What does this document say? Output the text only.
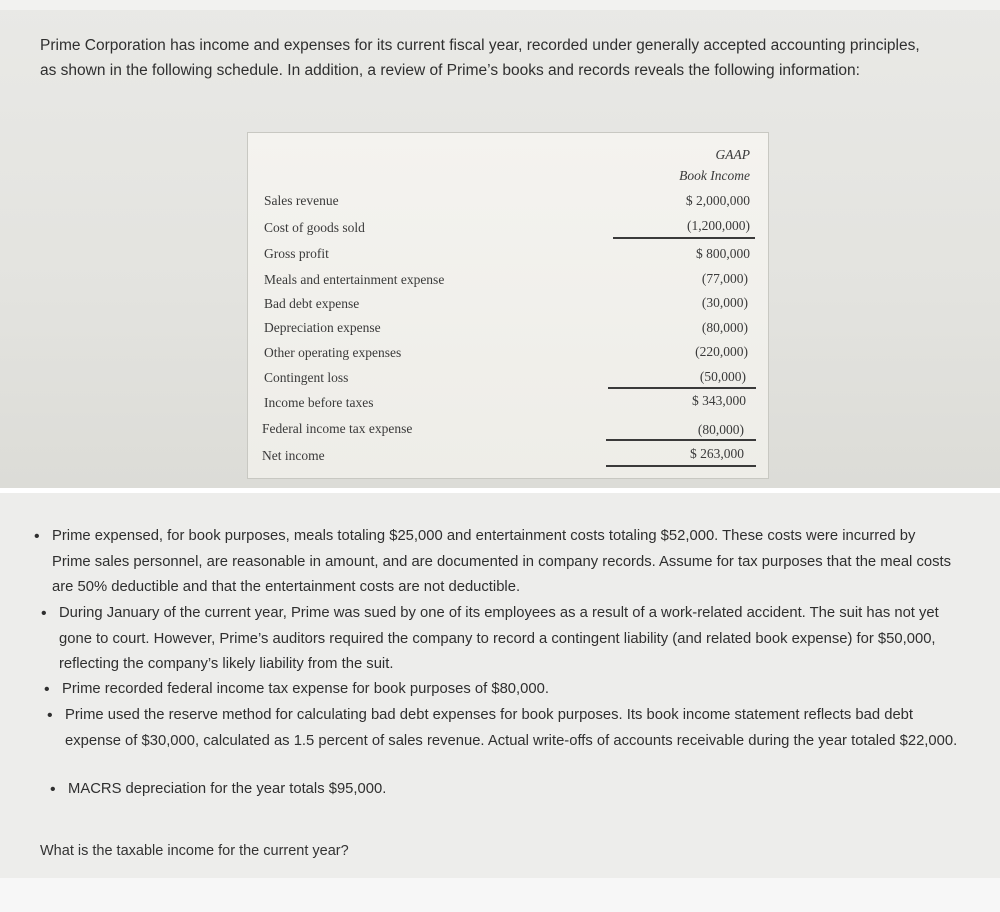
Prime Corporation has income and expenses for its current fiscal year, recorded under generally accepted accounting principles, as shown in the following schedule. In addition, a review of Prime’s books and records reveals the following information:

GAAP
Book Income
Sales revenue	$ 2,000,000
Cost of goods sold	(1,200,000)
Gross profit	$ 800,000
Meals and entertainment expense	(77,000)
Bad debt expense	(30,000)
Depreciation expense	(80,000)
Other operating expenses	(220,000)
Contingent loss	(50,000)
Income before taxes	$ 343,000
Federal income tax expense	(80,000)
Net income	$ 263,000
• Prime expensed, for book purposes, meals totaling $25,000 and entertainment costs totaling $52,000. These costs were incurred by Prime sales personnel, are reasonable in amount, and are documented in company records. Assume for tax purposes that the meal costs are 50% deductible and that the entertainment costs are not deductible.
• During January of the current year, Prime was sued by one of its employees as a result of a work-related accident. The suit has not yet gone to court. However, Prime’s auditors required the company to record a contingent liability (and related book expense) for $50,000, reflecting the company’s likely liability from the suit.
• Prime recorded federal income tax expense for book purposes of $80,000.
• Prime used the reserve method for calculating bad debt expenses for book purposes. Its book income statement reflects bad debt expense of $30,000, calculated as 1.5 percent of sales revenue. Actual write-offs of accounts receivable during the year totaled $22,000.
• MACRS depreciation for the year totals $95,000.
What is the taxable income for the current year?
